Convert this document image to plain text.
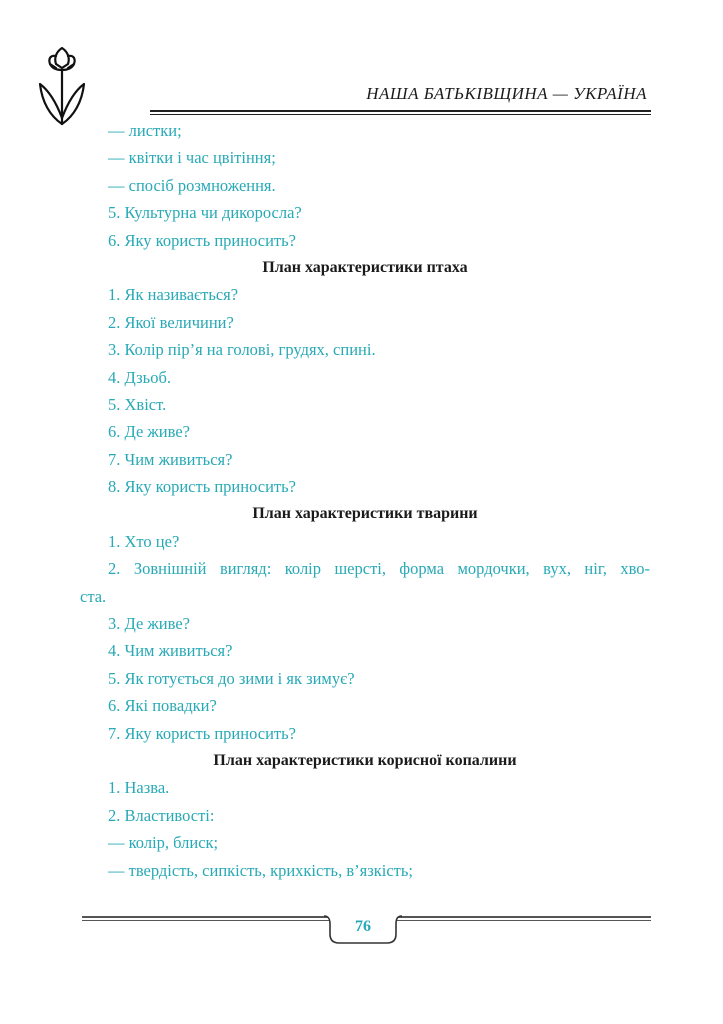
НАША БАТЬКІВЩИНА — УКРАЇНА
— листки;
— квітки і час цвітіння;
— спосіб розмноження.
5. Культурна чи дикоросла?
6. Яку користь приносить?
План характеристики птаха
1. Як називається?
2. Якої величини?
3. Колір пір’я на голові, грудях, спині.
4. Дзьоб.
5. Хвіст.
6. Де живе?
7. Чим живиться?
8. Яку користь приносить?
План характеристики тварини
1. Хто це?
2. Зовнішній вигляд: колір шерсті, форма мордочки, вух, ніг, хво-
ста.
3. Де живе?
4. Чим живиться?
5. Як готується до зими і як зимує?
6. Які повадки?
7. Яку користь приносить?
План характеристики корисної копалини
1. Назва.
2. Властивості:
— колір, блиск;
— твердість, сипкість, крихкість, в’язкість;
76
